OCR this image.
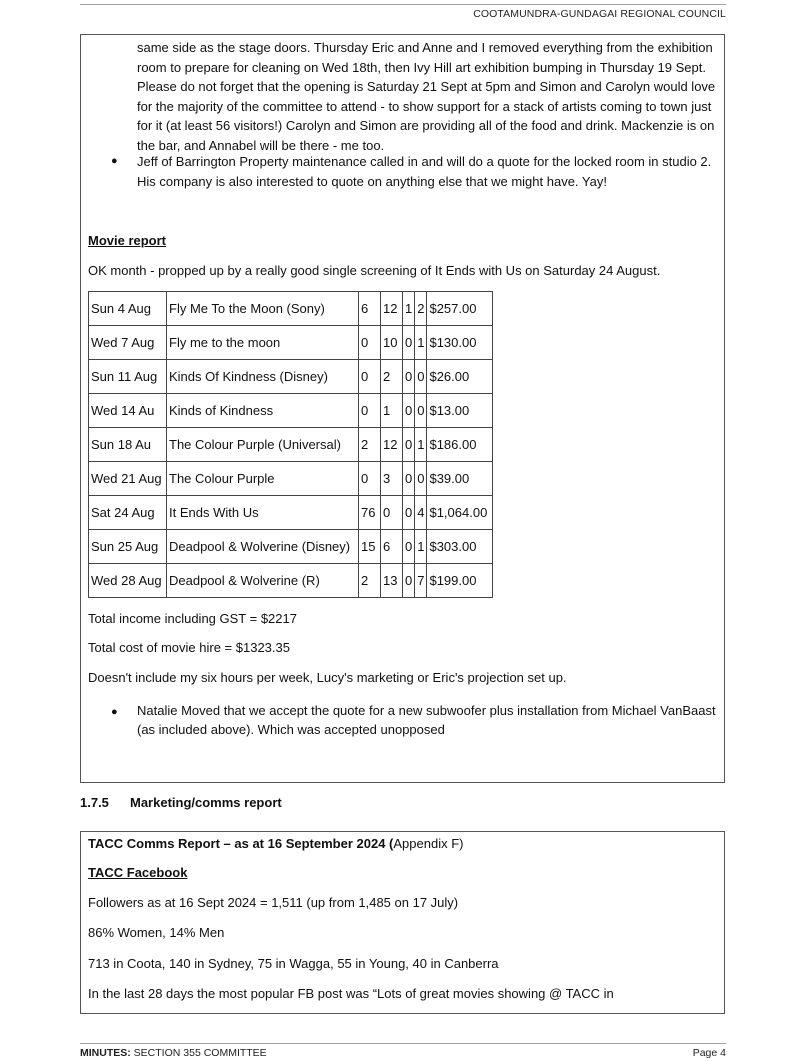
COOTAMUNDRA-GUNDAGAI REGIONAL COUNCIL

same side as the stage doors. Thursday Eric and Anne and I removed everything from the exhibition room to prepare for cleaning on Wed 18th, then Ivy Hill art exhibition bumping in Thursday 19 Sept. Please do not forget that the opening is Saturday 21 Sept at 5pm and Simon and Carolyn would love for the majority of the committee to attend - to show support for a stack of artists coming to town just for it (at least 56 visitors!) Carolyn and Simon are providing all of the food and drink. Mackenzie is on the bar, and Annabel will be there - me too.

● Jeff of Barrington Property maintenance called in and will do a quote for the locked room in studio 2. His company is also interested to quote on anything else that we might have. Yay!

Movie report
OK month - propped up by a really good single screening of It Ends with Us on Saturday 24 August.
Sun 4 Aug	Fly Me To the Moon (Sony)	6	12	1	2	$257.00
Wed 7 Aug	Fly me to the moon	0	10	0	1	$130.00
Sun 11 Aug	Kinds Of Kindness (Disney)	0	2	0	0	$26.00
Wed 14 Au	Kinds of Kindness	0	1	0	0	$13.00
Sun 18 Au	The Colour Purple (Universal)	2	12	0	1	$186.00
Wed 21 Aug	The Colour Purple	0	3	0	0	$39.00
Sat 24 Aug	It Ends With Us	76	0	0	4	$1,064.00
Sun 25 Aug	Deadpool & Wolverine (Disney)	15	6	0	1	$303.00
Wed 28 Aug	Deadpool & Wolverine (R)	2	13	0	7	$199.00
Total income including GST = $2217
Total cost of movie hire = $1323.35
Doesn't include my six hours per week, Lucy's marketing or Eric's projection set up.
● Natalie Moved that we accept the quote for a new subwoofer plus installation from Michael VanBaast (as included above). Which was accepted unopposed

1.7.5 Marketing/comms report
TACC Comms Report – as at 16 September 2024 (Appendix F)
TACC Facebook
Followers as at 16 Sept 2024 = 1,511 (up from 1,485 on 17 July)
86% Women, 14% Men
713 in Coota, 140 in Sydney, 75 in Wagga, 55 in Young, 40 in Canberra
In the last 28 days the most popular FB post was “Lots of great movies showing @ TACC in
MINUTES: SECTION 355 COMMITTEE	Page 4
